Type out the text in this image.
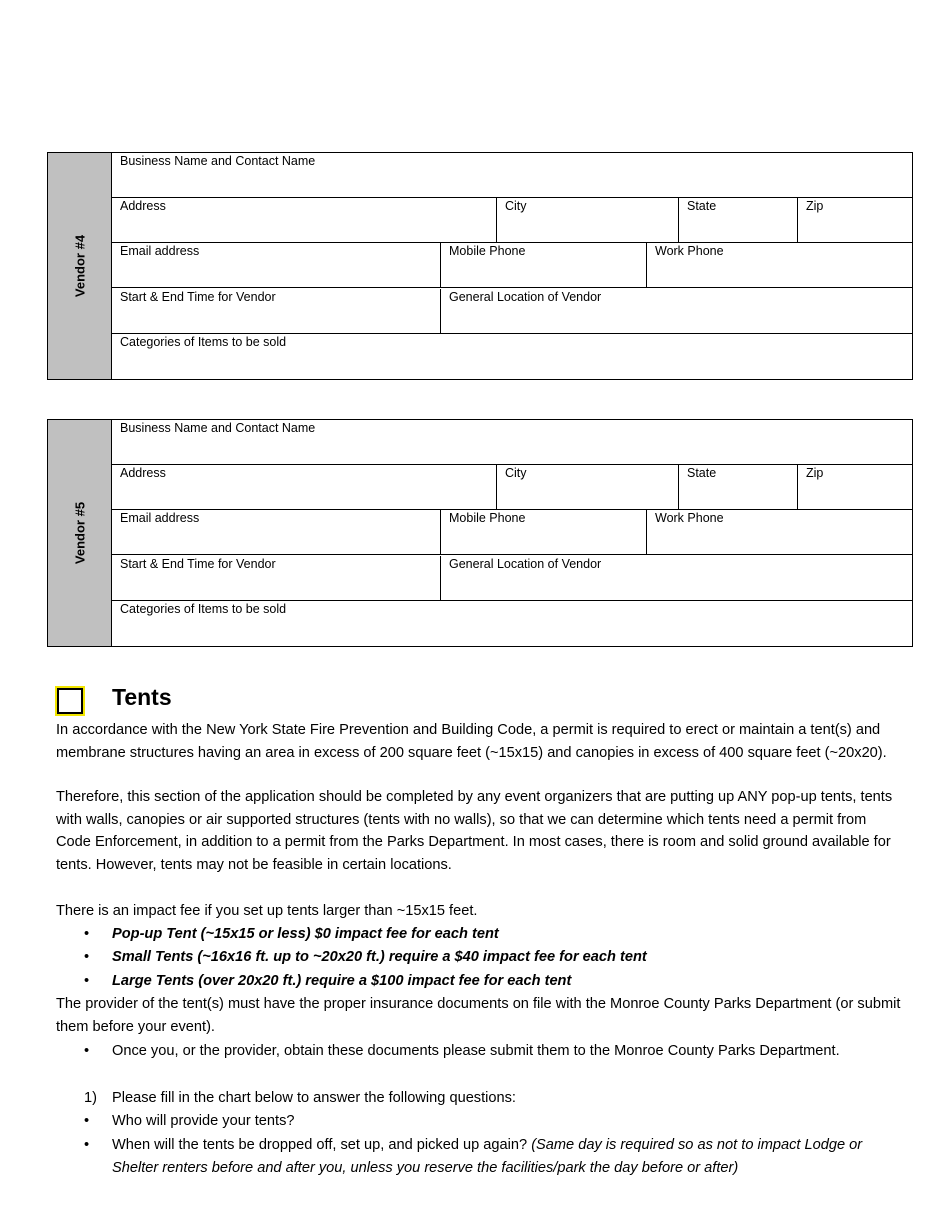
Vendor #4
Business Name and Contact Name
Address	City	State	Zip
Email address	Mobile Phone	Work Phone
Start & End Time for Vendor	General Location of Vendor
Categories of Items to be sold
Vendor #5
Business Name and Contact Name
Address	City	State	Zip
Email address	Mobile Phone	Work Phone
Start & End Time for Vendor	General Location of Vendor
Categories of Items to be sold
Tents
In accordance with the New York State Fire Prevention and Building Code, a permit is required to erect or maintain a tent(s) and membrane structures having an area in excess of 200 square feet (~15x15) and canopies in excess of 400 square feet (~20x20).
Therefore, this section of the application should be completed by any event organizers that are putting up ANY pop-up tents, tents with walls, canopies or air supported structures (tents with no walls), so that we can determine which tents need a permit from Code Enforcement, in addition to a permit from the Parks Department. In most cases, there is room and solid ground available for tents. However, tents may not be feasible in certain locations.
There is an impact fee if you set up tents larger than ~15x15 feet.
• Pop-up Tent (~15x15 or less) $0 impact fee for each tent
• Small Tents (~16x16 ft. up to ~20x20 ft.) require a $40 impact fee for each tent
• Large Tents (over 20x20 ft.) require a $100 impact fee for each tent
The provider of the tent(s) must have the proper insurance documents on file with the Monroe County Parks Department (or submit them before your event).
• Once you, or the provider, obtain these documents please submit them to the Monroe County Parks Department.
1) Please fill in the chart below to answer the following questions:
• Who will provide your tents?
• When will the tents be dropped off, set up, and picked up again? (Same day is required so as not to impact Lodge or Shelter renters before and after you, unless you reserve the facilities/park the day before or after)
